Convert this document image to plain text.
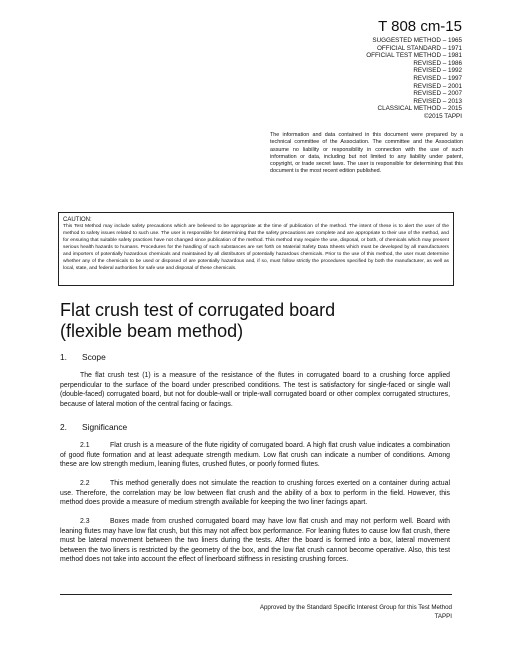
T 808 cm-15
SUGGESTED METHOD – 1965
OFFICIAL STANDARD – 1971
OFFICIAL TEST METHOD – 1981
REVISED – 1986
REVISED – 1992
REVISED – 1997
REVISED – 2001
REVISED – 2007
REVISED – 2013
CLASSICAL METHOD – 2015
©2015 TAPPI
The information and data contained in this document were prepared by a technical committee of the Association. The committee and the Association assume no liability or responsibility in connection with the use of such information or data, including but not limited to any liability under patent, copyright, or trade secret laws. The user is responsible for determining that this document is the most recent edition published.
CAUTION:
This Test Method may include safety precautions which are believed to be appropriate at the time of publication of the method. The intent of these is to alert the user of the method to safety issues related to such use. The user is responsible for determining that the safety precautions are complete and are appropriate to their use of the method, and for ensuring that suitable safety practices have not changed since publication of the method. This method may require the use, disposal, or both, of chemicals which may present serious health hazards to humans. Procedures for the handling of such substances are set forth on Material Safety Data Sheets which must be developed by all manufacturers and importers of potentially hazardous chemicals and maintained by all distributors of potentially hazardous chemicals. Prior to the use of this method, the user must determine whether any of the chemicals to be used or disposed of are potentially hazardous and, if so, must follow strictly the procedures specified by both the manufacturer, as well as local, state, and federal authorities for safe use and disposal of these chemicals.
Flat crush test of corrugated board
(flexible beam method)
1. Scope

The flat crush test (1) is a measure of the resistance of the flutes in corrugated board to a crushing force applied perpendicular to the surface of the board under prescribed conditions. The test is satisfactory for single-faced or single wall (double-faced) corrugated board, but not for double-wall or triple-wall corrugated board or other complex corrugated structures, because of lateral motion of the central facing or facings.

2. Significance

2.1	Flat crush is a measure of the flute rigidity of corrugated board. A high flat crush value indicates a combination of good flute formation and at least adequate strength medium. Low flat crush can indicate a number of conditions. Among these are low strength medium, leaning flutes, crushed flutes, or poorly formed flutes.

2.2	This method generally does not simulate the reaction to crushing forces exerted on a container during actual use. Therefore, the correlation may be low between flat crush and the ability of a box to perform in the field. However, this method does provide a measure of medium strength available for keeping the two liner facings apart.

2.3	Boxes made from crushed corrugated board may have low flat crush and may not perform well. Board with leaning flutes may have low flat crush, but this may not affect box performance. For leaning flutes to cause low flat crush, there must be lateral movement between the two liners during the tests. After the board is formed into a box, lateral movement between the two liners is restricted by the geometry of the box, and the low flat crush cannot become operative. Also, this test method does not take into account the effect of linerboard stiffness in resisting crushing forces.

Approved by the Standard Specific Interest Group for this Test Method
TAPPI
